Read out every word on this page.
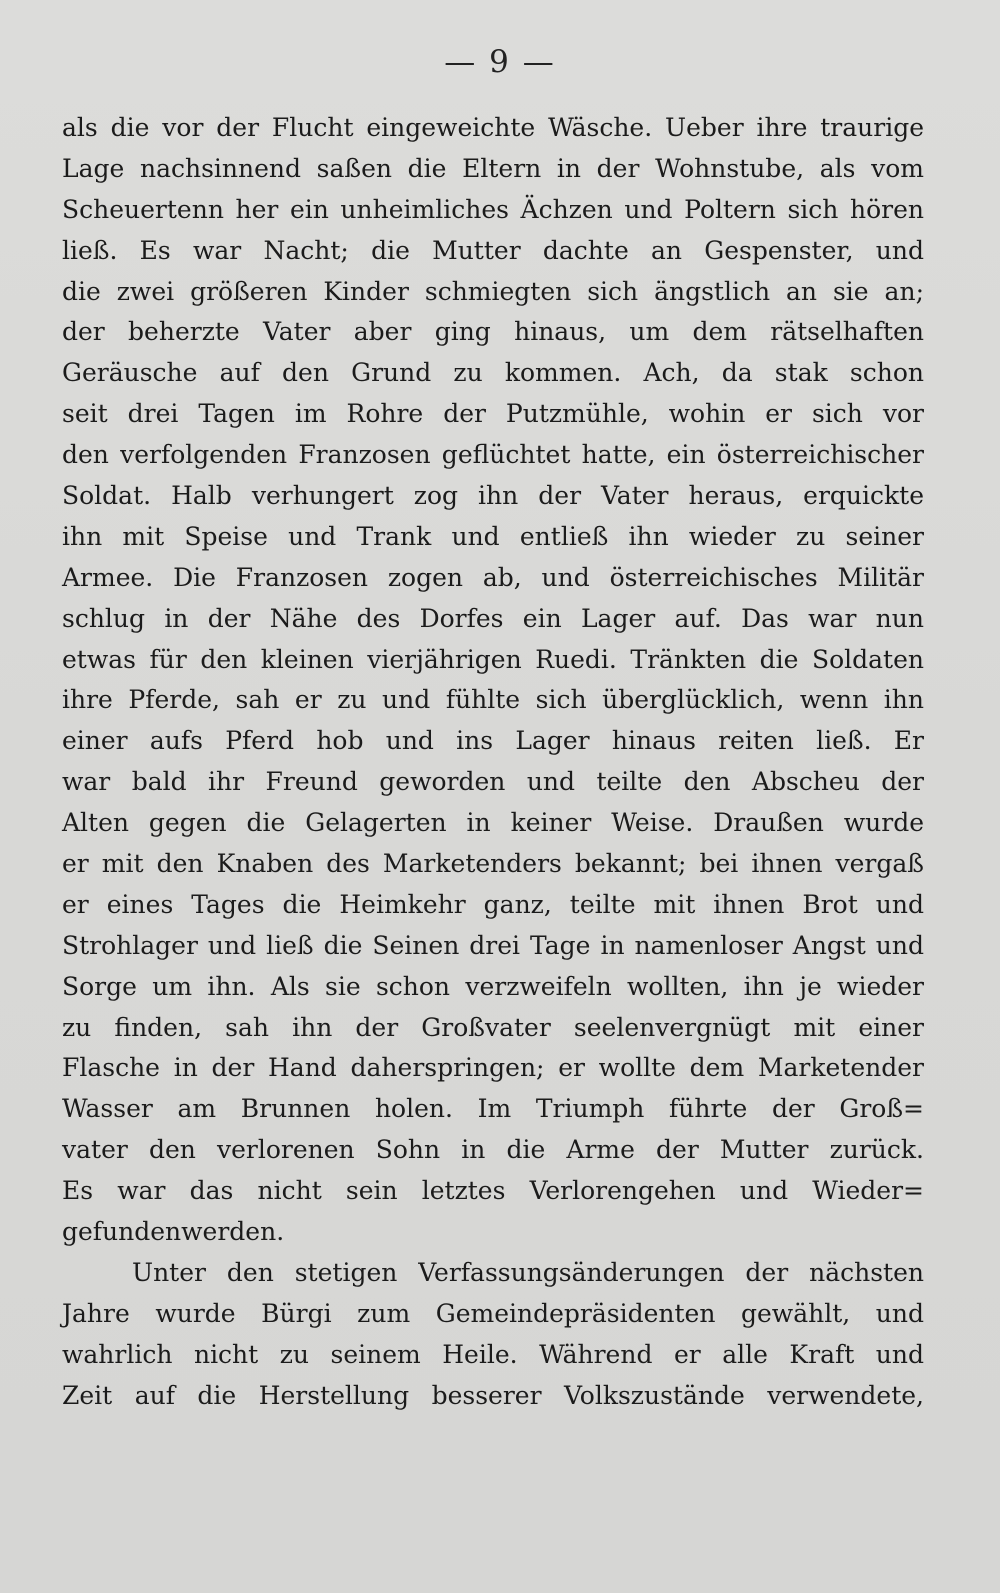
— 9 —
als die vor der Flucht eingeweichte Wäsche. Ueber ihre traurige
Lage nachsinnend saßen die Eltern in der Wohnstube, als vom
Scheuertenn her ein unheimliches Ächzen und Poltern sich hören
ließ. Es war Nacht; die Mutter dachte an Gespenster, und
die zwei größeren Kinder schmiegten sich ängstlich an sie an;
der beherzte Vater aber ging hinaus, um dem rätselhaften
Geräusche auf den Grund zu kommen. Ach, da stak schon
seit drei Tagen im Rohre der Putzmühle, wohin er sich vor
den verfolgenden Franzosen geflüchtet hatte, ein österreichischer
Soldat. Halb verhungert zog ihn der Vater heraus, erquickte
ihn mit Speise und Trank und entließ ihn wieder zu seiner
Armee. Die Franzosen zogen ab, und österreichisches Militär
schlug in der Nähe des Dorfes ein Lager auf. Das war nun
etwas für den kleinen vierjährigen Ruedi. Tränkten die Soldaten
ihre Pferde, sah er zu und fühlte sich überglücklich, wenn ihn
einer aufs Pferd hob und ins Lager hinaus reiten ließ. Er
war bald ihr Freund geworden und teilte den Abscheu der
Alten gegen die Gelagerten in keiner Weise. Draußen wurde
er mit den Knaben des Marketenders bekannt; bei ihnen vergaß
er eines Tages die Heimkehr ganz, teilte mit ihnen Brot und
Strohlager und ließ die Seinen drei Tage in namenloser Angst und
Sorge um ihn. Als sie schon verzweifeln wollten, ihn je wieder
zu finden, sah ihn der Großvater seelenvergnügt mit einer
Flasche in der Hand daherspringen; er wollte dem Marketender
Wasser am Brunnen holen. Im Triumph führte der Groß=
vater den verlorenen Sohn in die Arme der Mutter zurück.
Es war das nicht sein letztes Verlorengehen und Wieder=
gefundenwerden.
Unter den stetigen Verfassungsänderungen der nächsten
Jahre wurde Bürgi zum Gemeindepräsidenten gewählt, und
wahrlich nicht zu seinem Heile. Während er alle Kraft und
Zeit auf die Herstellung besserer Volkszustände verwendete,
